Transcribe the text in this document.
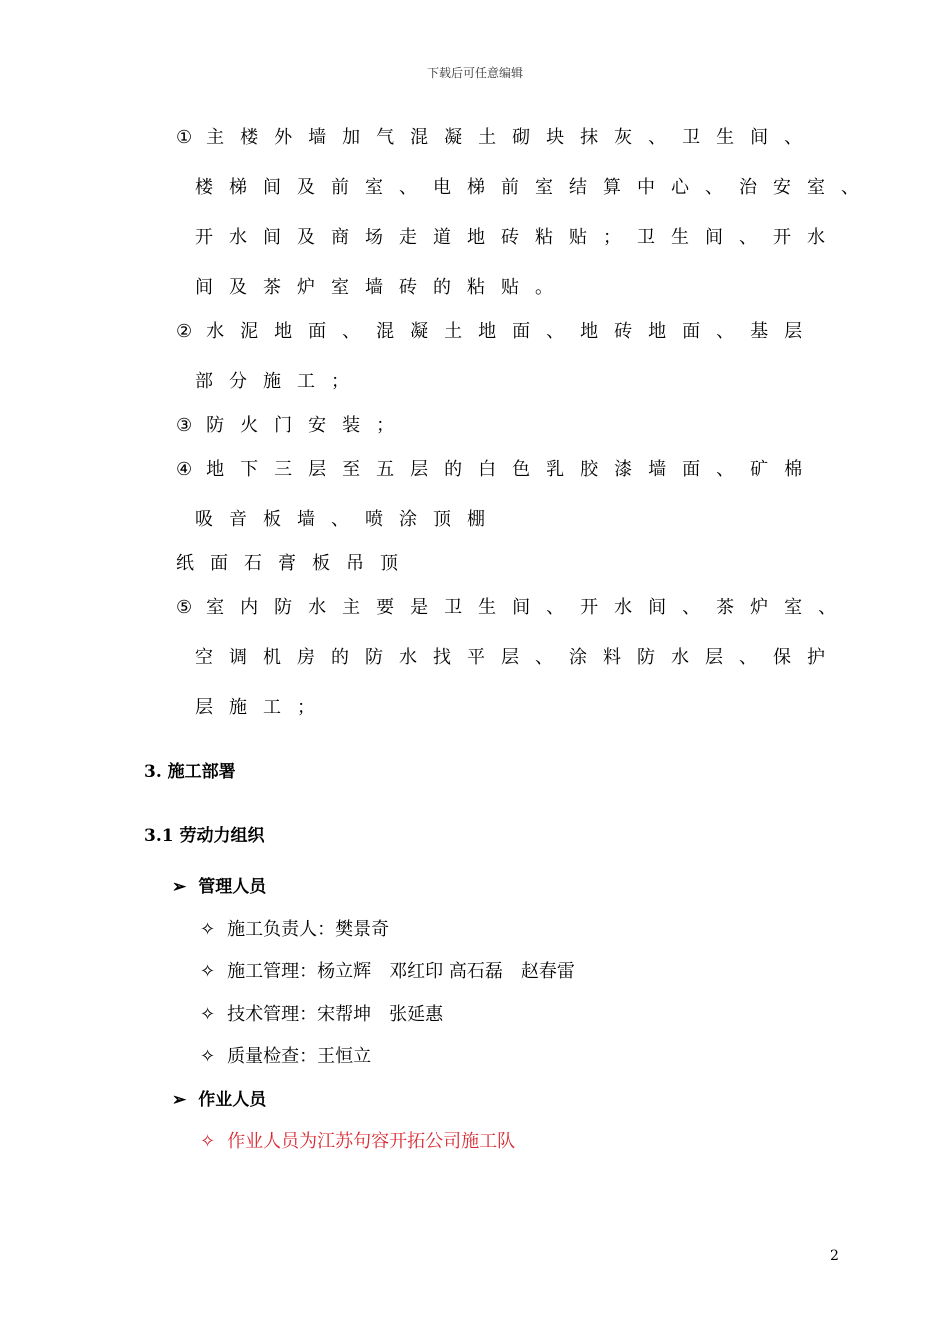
下载后可任意编辑
① 主楼外墙加气混凝土砌块抹灰、卫生间、
楼梯间及前室、电梯前室结算中心、治安室、
开水间及商场走道地砖粘贴；卫生间、开水
间及茶炉室墙砖的粘贴。
② 水泥地面、混凝土地面、地砖地面、基层
部分施工；
③ 防火门安装；
④ 地下三层至五层的白色乳胶漆墙面、矿棉
吸音板墙、喷涂顶棚
纸面石膏板吊顶
⑤ 室内防水主要是卫生间、开水间、茶炉室、
空调机房的防水找平层、涂料防水层、保护
层施工；
3. 施工部署
3.1 劳动力组织
➢ 管理人员
✧ 施工负责人：樊景奇
✧ 施工管理：杨立辉　邓红印 高石磊　赵春雷
✧ 技术管理：宋帮坤　张延惠
✧ 质量检查：王恒立
➢ 作业人员
✧ 作业人员为江苏句容开拓公司施工队
2
